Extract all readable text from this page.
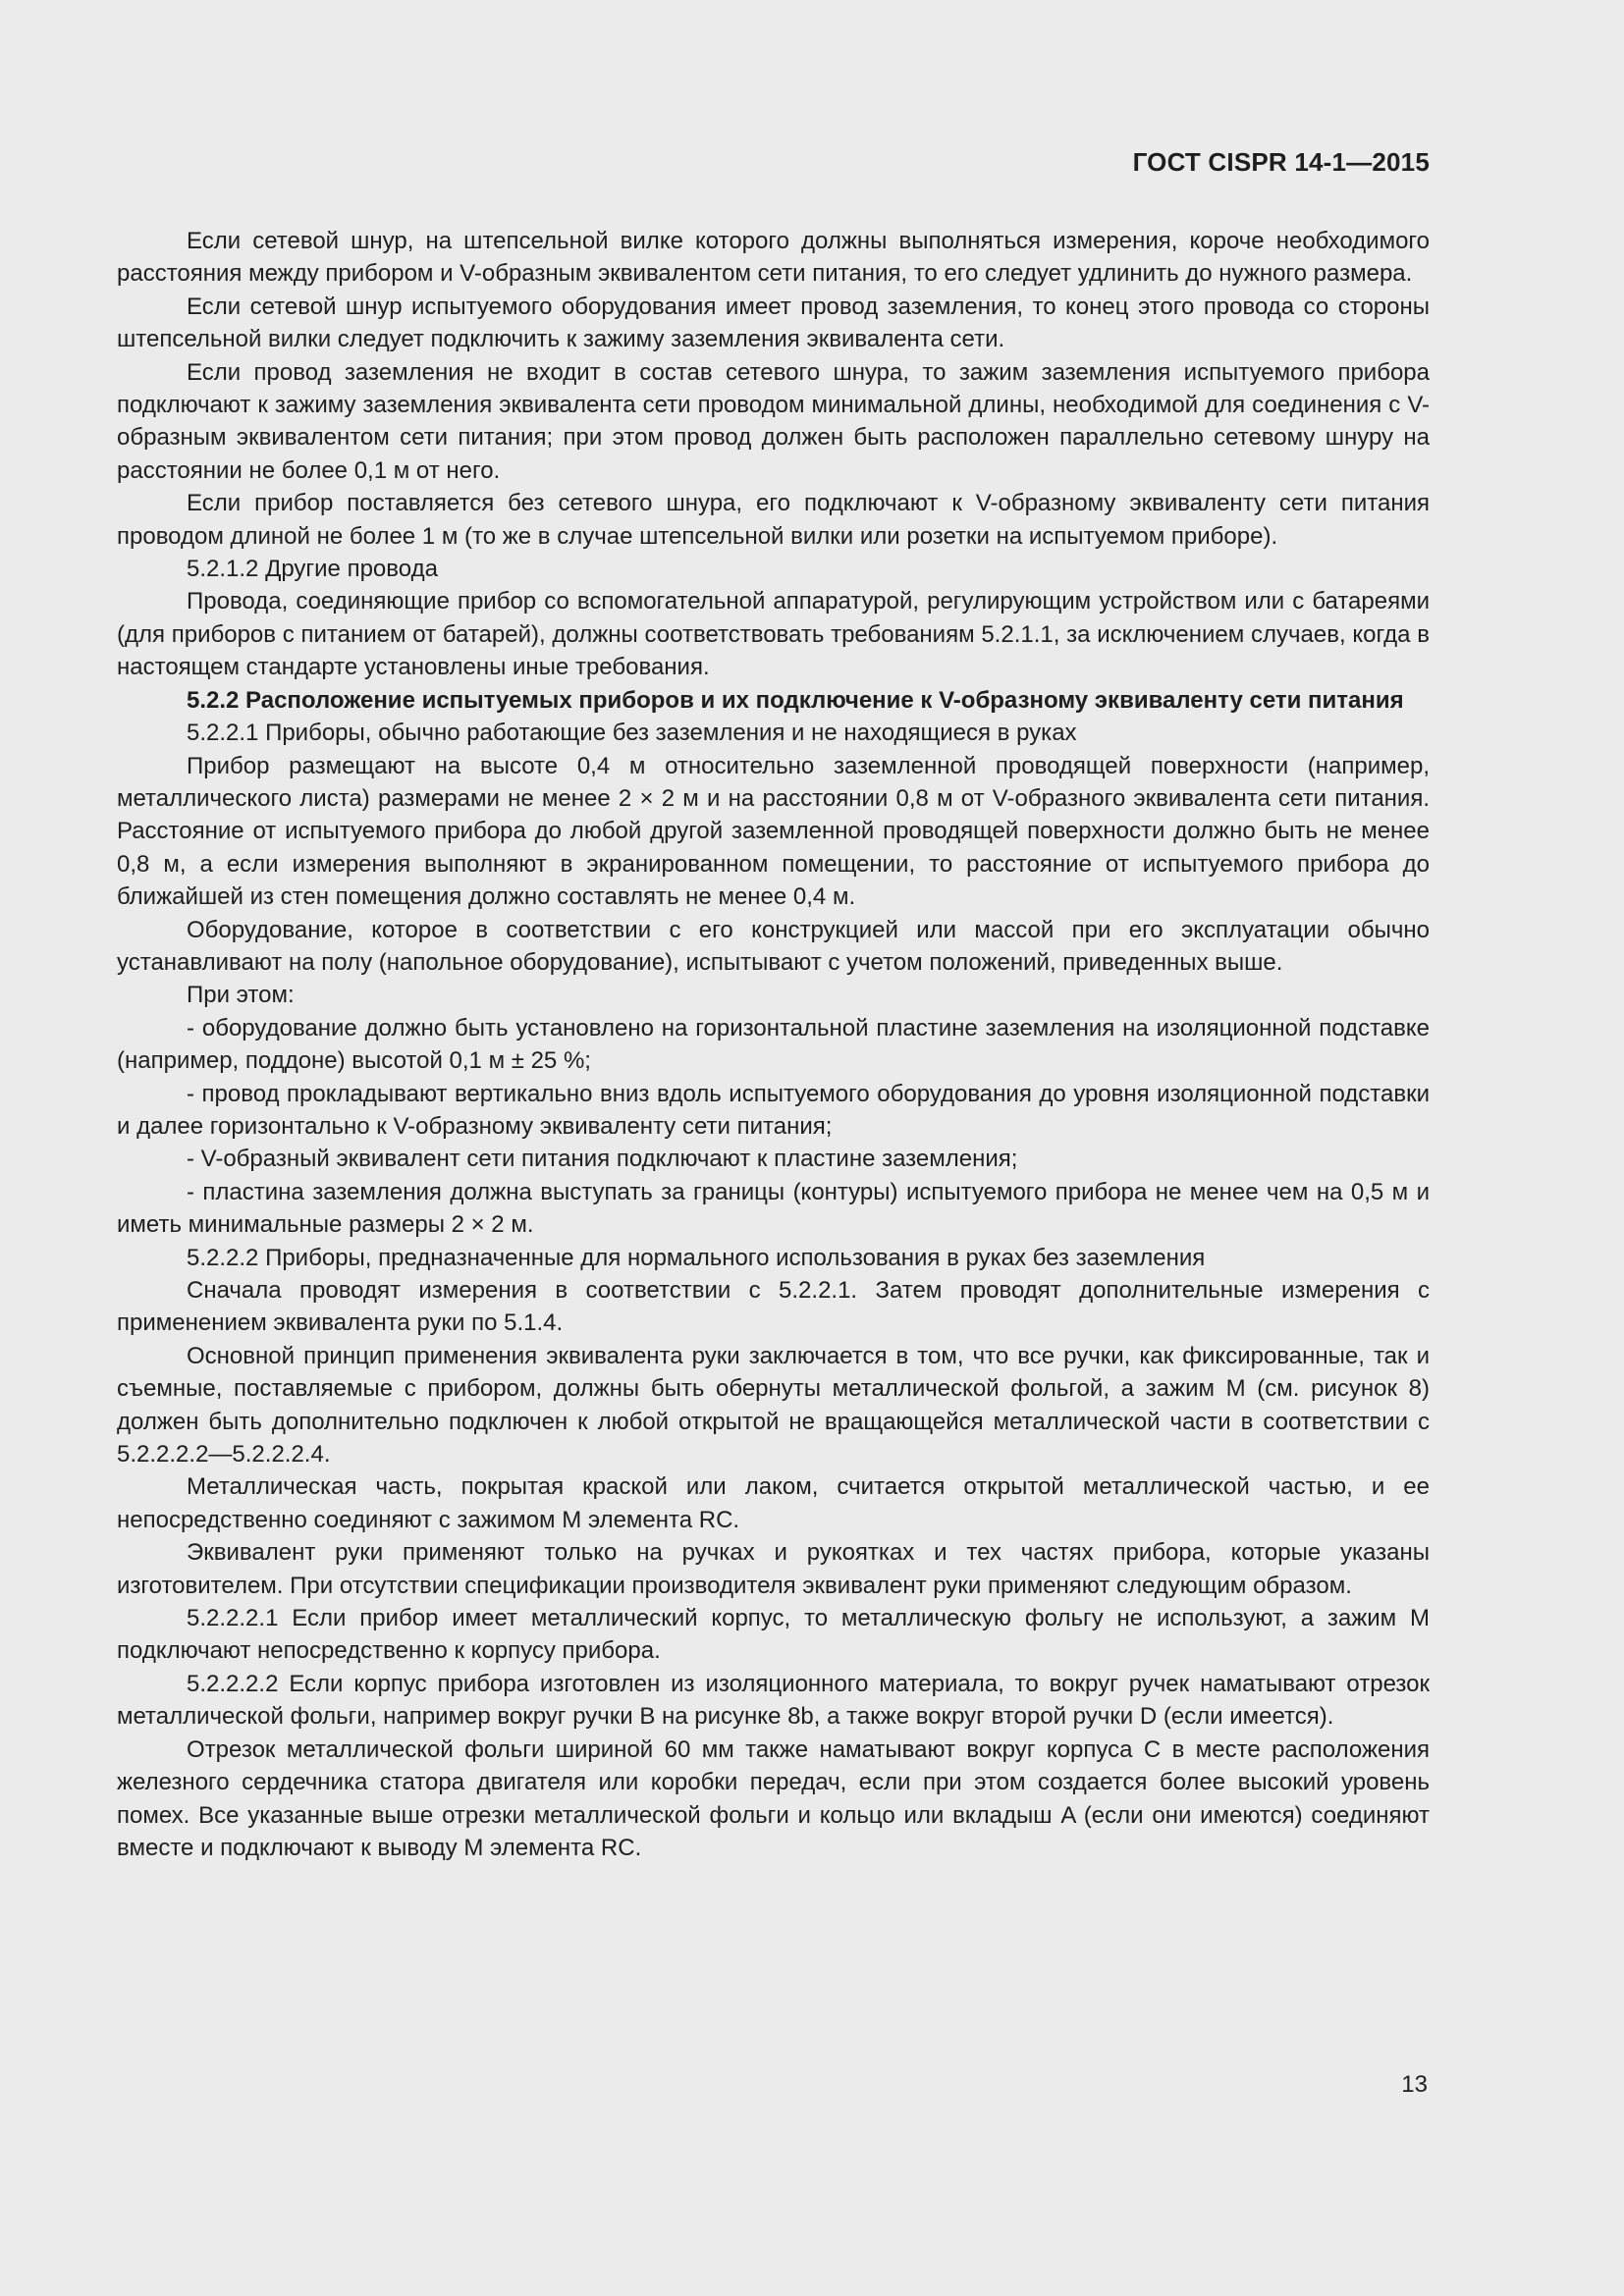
ГОСТ CISPR 14-1—2015

Если сетевой шнур, на штепсельной вилке которого должны выполняться измерения, короче необходимого расстояния между прибором и V-образным эквивалентом сети питания, то его следует удлинить до нужного размера.

Если сетевой шнур испытуемого оборудования имеет провод заземления, то конец этого провода со стороны штепсельной вилки следует подключить к зажиму заземления эквивалента сети.

Если провод заземления не входит в состав сетевого шнура, то зажим заземления испытуемого прибора подключают к зажиму заземления эквивалента сети проводом минимальной длины, необходимой для соединения с V-образным эквивалентом сети питания; при этом провод должен быть расположен параллельно сетевому шнуру на расстоянии не более 0,1 м от него.

Если прибор поставляется без сетевого шнура, его подключают к V-образному эквиваленту сети питания проводом длиной не более 1 м (то же в случае штепсельной вилки или розетки на испытуемом приборе).

5.2.1.2 Другие провода

Провода, соединяющие прибор со вспомогательной аппаратурой, регулирующим устройством или с батареями (для приборов с питанием от батарей), должны соответствовать требованиям 5.2.1.1, за исключением случаев, когда в настоящем стандарте установлены иные требования.

5.2.2 Расположение испытуемых приборов и их подключение к V-образному эквиваленту сети питания

5.2.2.1 Приборы, обычно работающие без заземления и не находящиеся в руках

Прибор размещают на высоте 0,4 м относительно заземленной проводящей поверхности (например, металлического листа) размерами не менее 2 × 2 м и на расстоянии 0,8 м от V-образного эквивалента сети питания. Расстояние от испытуемого прибора до любой другой заземленной проводящей поверхности должно быть не менее 0,8 м, а если измерения выполняют в экранированном помещении, то расстояние от испытуемого прибора до ближайшей из стен помещения должно составлять не менее 0,4 м.

Оборудование, которое в соответствии с его конструкцией или массой при его эксплуатации обычно устанавливают на полу (напольное оборудование), испытывают с учетом положений, приведенных выше.

При этом:

- оборудование должно быть установлено на горизонтальной пластине заземления на изоляционной подставке (например, поддоне) высотой 0,1 м ± 25 %;

- провод прокладывают вертикально вниз вдоль испытуемого оборудования до уровня изоляционной подставки и далее горизонтально к V-образному эквиваленту сети питания;

- V-образный эквивалент сети питания подключают к пластине заземления;

- пластина заземления должна выступать за границы (контуры) испытуемого прибора не менее чем на 0,5 м и иметь минимальные размеры 2 × 2 м.

5.2.2.2 Приборы, предназначенные для нормального использования в руках без заземления

Сначала проводят измерения в соответствии с 5.2.2.1. Затем проводят дополнительные измерения с применением эквивалента руки по 5.1.4.

Основной принцип применения эквивалента руки заключается в том, что все ручки, как фиксированные, так и съемные, поставляемые с прибором, должны быть обернуты металлической фольгой, а зажим M (см. рисунок 8) должен быть дополнительно подключен к любой открытой не вращающейся металлической части в соответствии с 5.2.2.2.2—5.2.2.2.4.

Металлическая часть, покрытая краской или лаком, считается открытой металлической частью, и ее непосредственно соединяют с зажимом M элемента RC.

Эквивалент руки применяют только на ручках и рукоятках и тех частях прибора, которые указаны изготовителем. При отсутствии спецификации производителя эквивалент руки применяют следующим образом.

5.2.2.2.1 Если прибор имеет металлический корпус, то металлическую фольгу не используют, а зажим M подключают непосредственно к корпусу прибора.

5.2.2.2.2 Если корпус прибора изготовлен из изоляционного материала, то вокруг ручек наматывают отрезок металлической фольги, например вокруг ручки B на рисунке 8b, а также вокруг второй ручки D (если имеется).

Отрезок металлической фольги шириной 60 мм также наматывают вокруг корпуса C в месте расположения железного сердечника статора двигателя или коробки передач, если при этом создается более высокий уровень помех. Все указанные выше отрезки металлической фольги и кольцо или вкладыш A (если они имеются) соединяют вместе и подключают к выводу M элемента RC.

13
